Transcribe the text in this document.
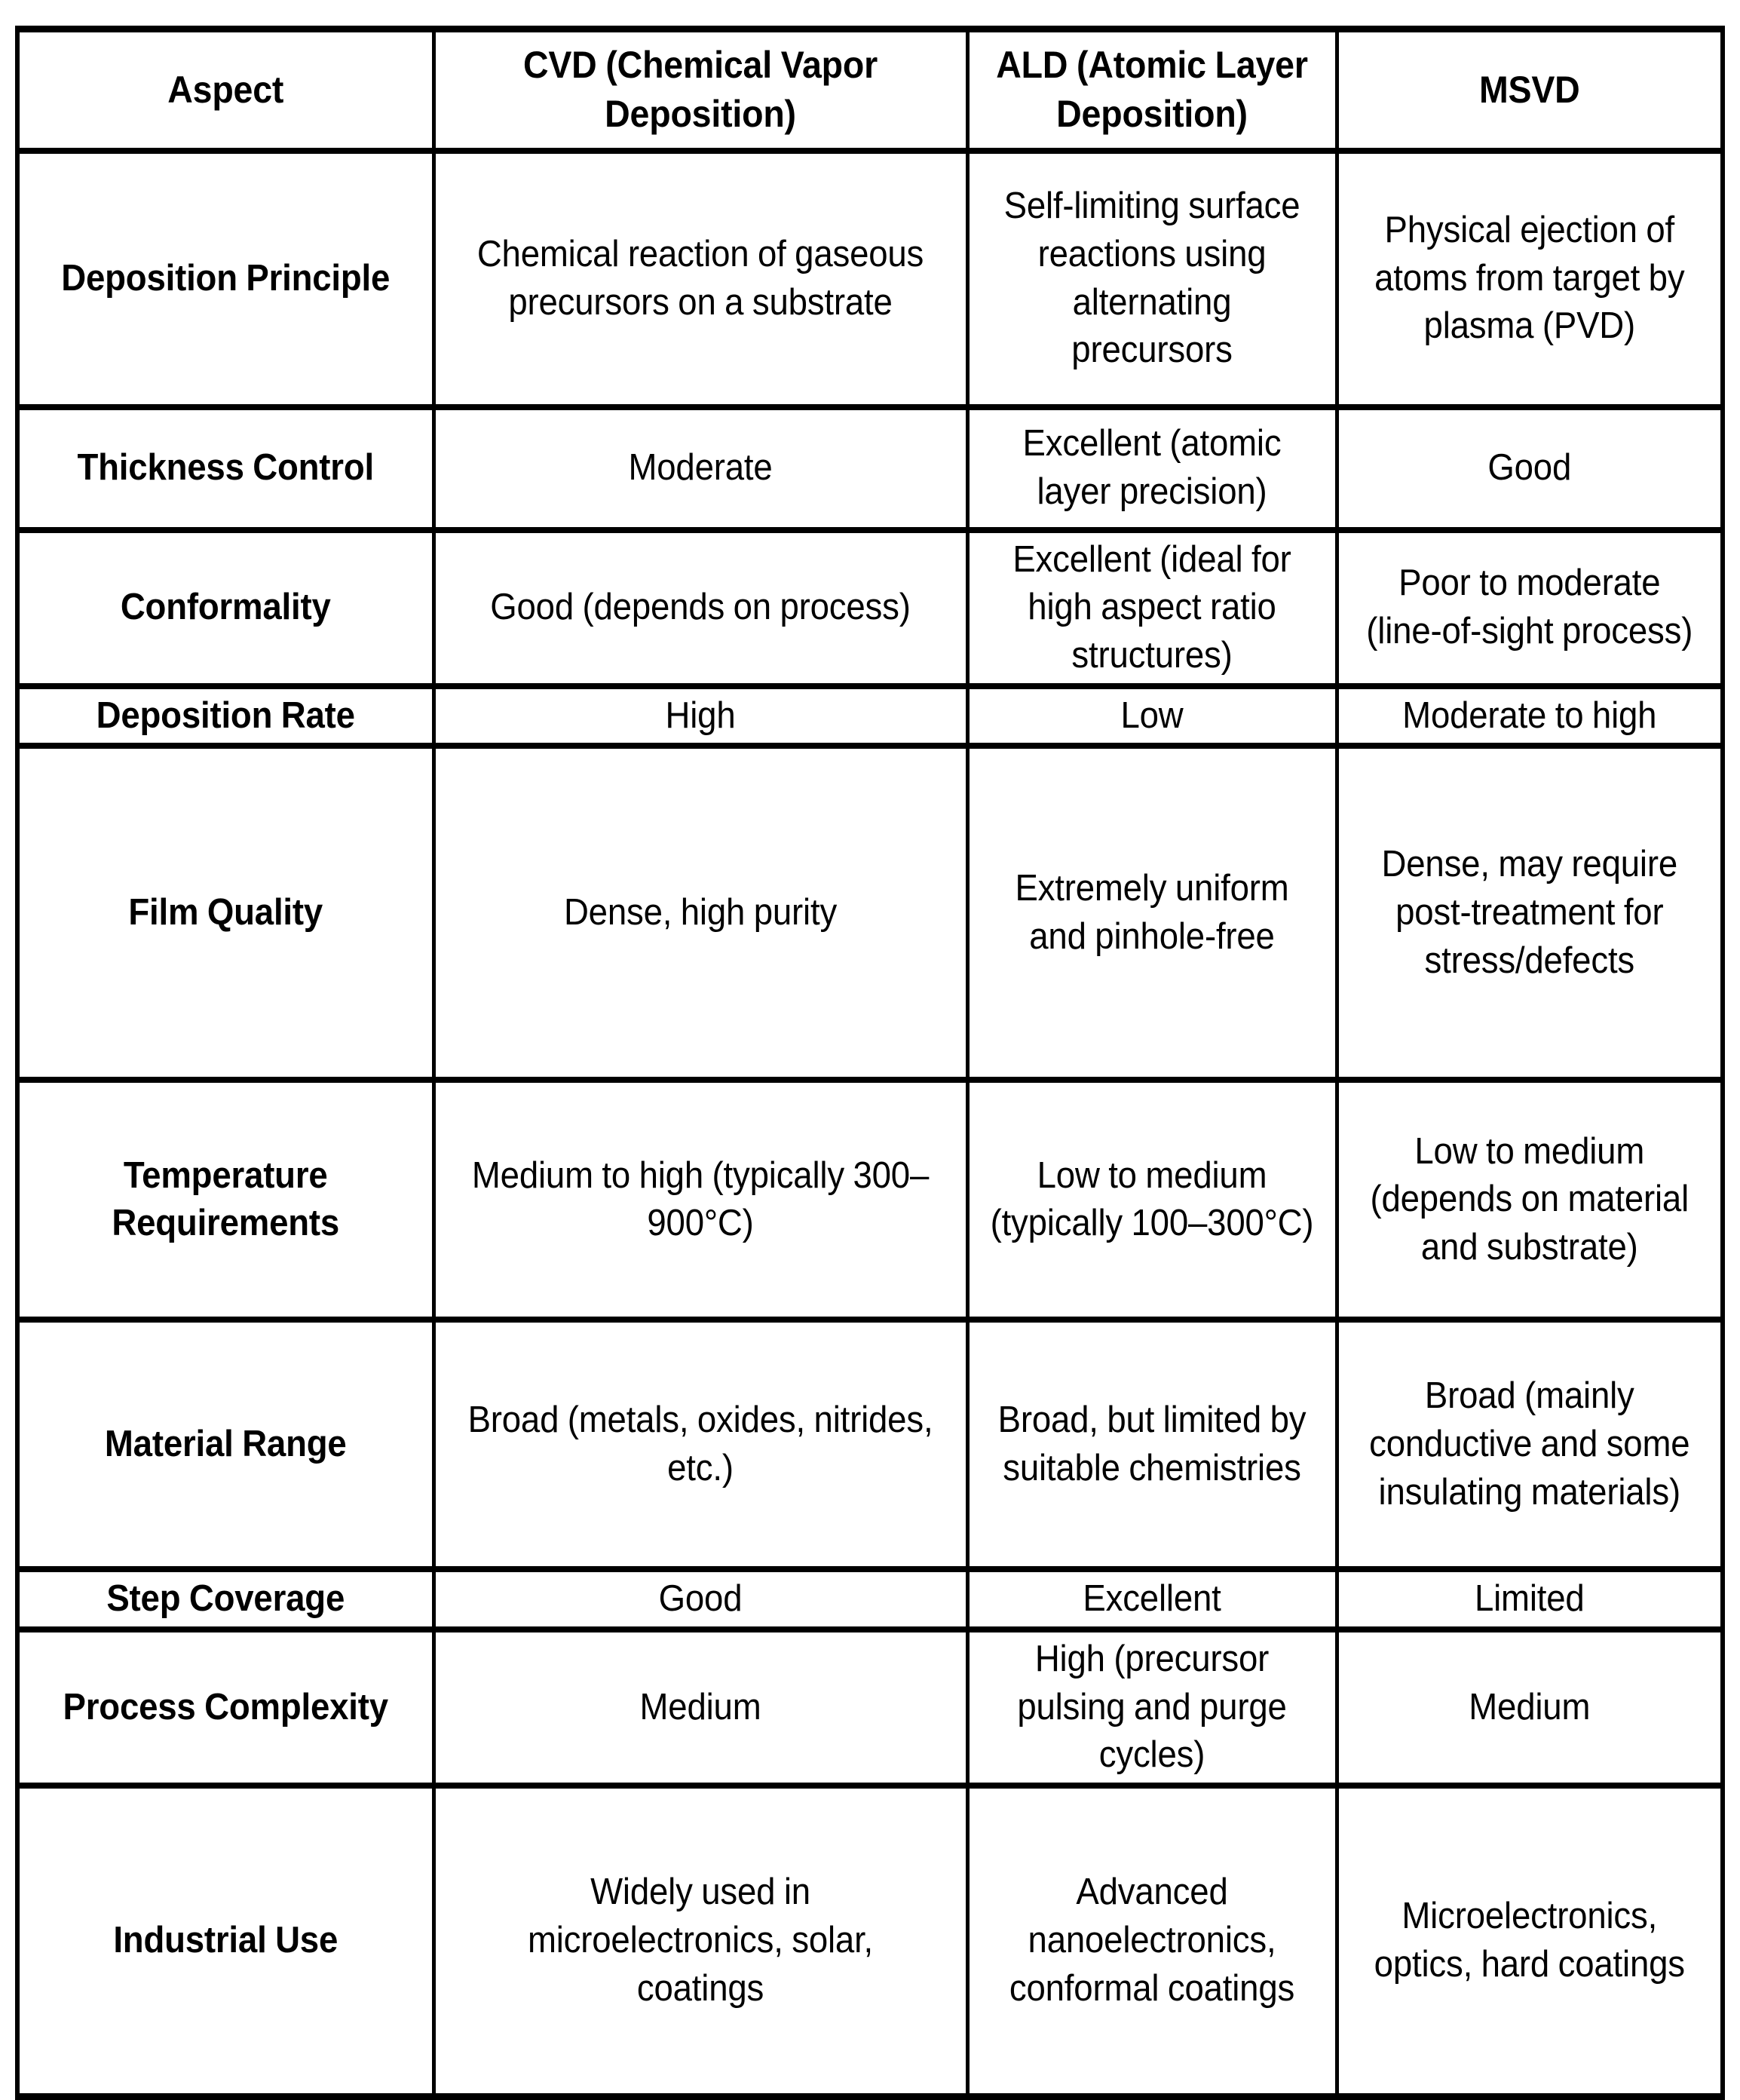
Aspect	CVD (Chemical Vapor Deposition)	ALD (Atomic Layer Deposition)	MSVD

Deposition Principle	Chemical reaction of gaseous precursors on a substrate	Self-limiting surface reactions using alternating precursors	Physical ejection of atoms from target by plasma (PVD)

Thickness Control	Moderate	Excellent (atomic layer precision)	Good

Conformality	Good (depends on process)	Excellent (ideal for high aspect ratio structures)	Poor to moderate (line-of-sight process)

Deposition Rate	High	Low	Moderate to high

Film Quality	Dense, high purity	Extremely uniform and pinhole-free	Dense, may require post-treatment for stress/defects

Temperature Requirements	Medium to high (typically 300–900°C)	Low to medium (typically 100–300°C)	Low to medium (depends on material and substrate)

Material Range	Broad (metals, oxides, nitrides, etc.)	Broad, but limited by suitable chemistries	Broad (mainly conductive and some insulating materials)

Step Coverage	Good	Excellent	Limited

Process Complexity	Medium	High (precursor pulsing and purge cycles)	Medium

Industrial Use	Widely used in microelectronics, solar, coatings	Advanced nanoelectronics, conformal coatings	Microelectronics, optics, hard coatings
